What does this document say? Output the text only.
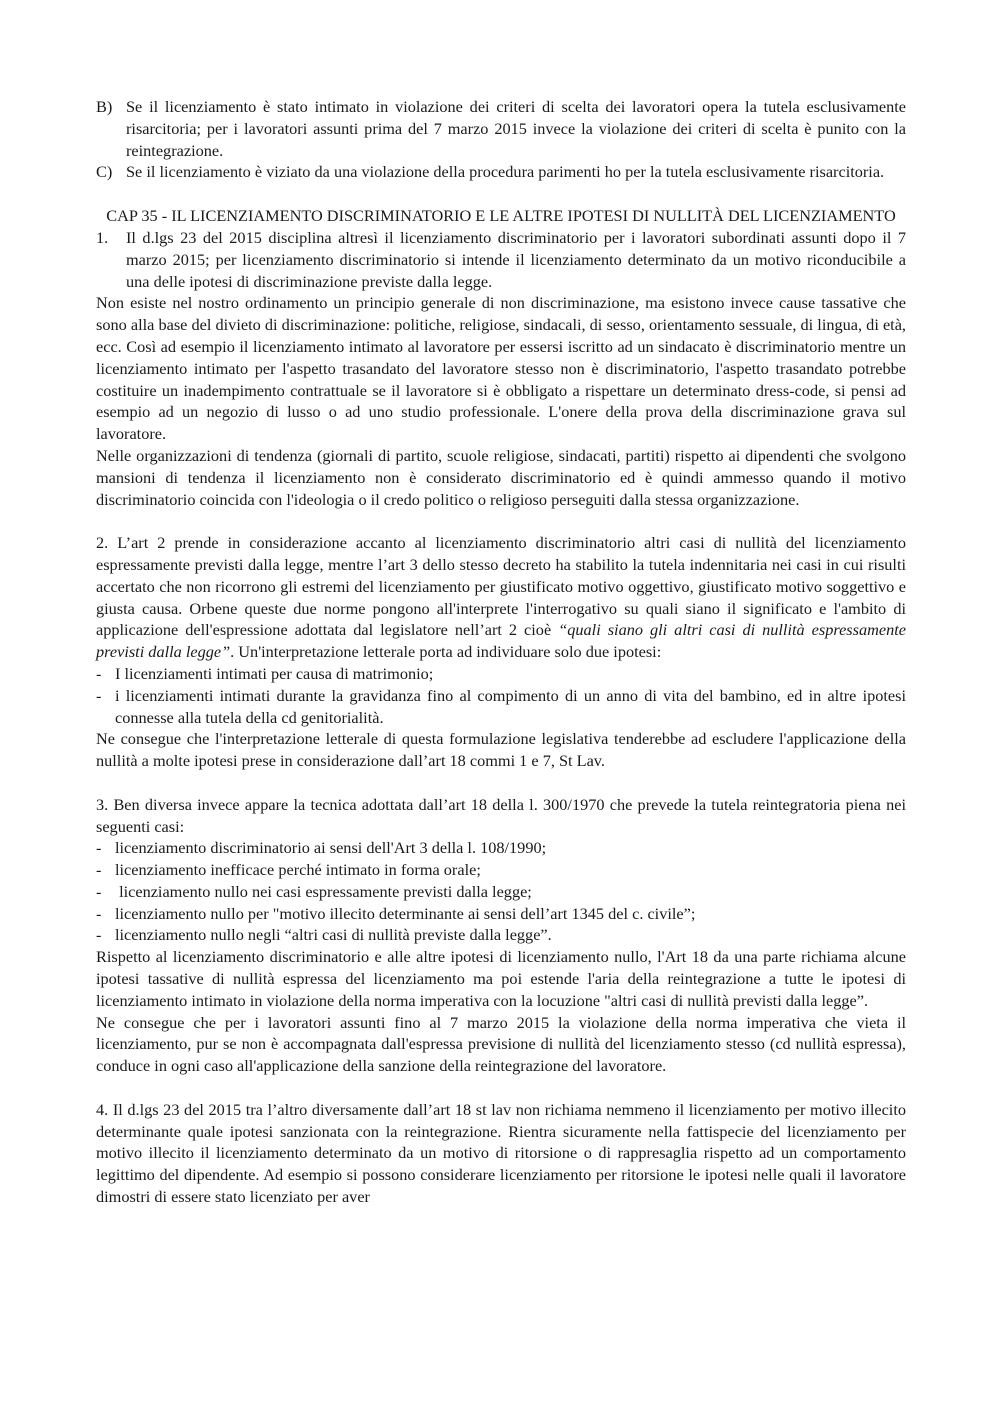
B) Se il licenziamento è stato intimato in violazione dei criteri di scelta dei lavoratori opera la tutela esclusivamente risarcitoria; per i lavoratori assunti prima del 7 marzo 2015 invece la violazione dei criteri di scelta è punito con la reintegrazione.
C) Se il licenziamento è viziato da una violazione della procedura parimenti ho per la tutela esclusivamente risarcitoria.

CAP 35 - IL LICENZIAMENTO DISCRIMINATORIO E LE ALTRE IPOTESI DI NULLITÀ DEL LICENZIAMENTO

1.	Il d.lgs 23 del 2015 disciplina altresì il licenziamento discriminatorio per i lavoratori subordinati assunti dopo il 7 marzo 2015; per licenziamento discriminatorio si intende il licenziamento determinato da un motivo riconducibile a una delle ipotesi di discriminazione previste dalla legge.

Non esiste nel nostro ordinamento un principio generale di non discriminazione, ma esistono invece cause tassative che sono alla base del divieto di discriminazione: politiche, religiose, sindacali, di sesso, orientamento sessuale, di lingua, di età, ecc. Così ad esempio il licenziamento intimato al lavoratore per essersi iscritto ad un sindacato è discriminatorio mentre un licenziamento intimato per l'aspetto trasandato del lavoratore stesso non è discriminatorio, l'aspetto trasandato potrebbe costituire un inadempimento contrattuale se il lavoratore si è obbligato a rispettare un determinato dress-code, si pensi ad esempio ad un negozio di lusso o ad uno studio professionale. L'onere della prova della discriminazione grava sul lavoratore.

Nelle organizzazioni di tendenza (giornali di partito, scuole religiose, sindacati, partiti) rispetto ai dipendenti che svolgono mansioni di tendenza il licenziamento non è considerato discriminatorio ed è quindi ammesso quando il motivo discriminatorio coincida con l'ideologia o il credo politico o religioso perseguiti dalla stessa organizzazione.

2. L’art 2 prende in considerazione accanto al licenziamento discriminatorio altri casi di nullità del licenziamento espressamente previsti dalla legge, mentre l’art 3 dello stesso decreto ha stabilito la tutela indennitaria nei casi in cui risulti accertato che non ricorrono gli estremi del licenziamento per giustificato motivo oggettivo, giustificato motivo soggettivo e giusta causa. Orbene queste due norme pongono all'interprete l'interrogativo su quali siano il significato e l'ambito di applicazione dell'espressione adottata dal legislatore nell’art 2 cioè “quali siano gli altri casi di nullità espressamente previsti dalla legge”. Un'interpretazione letterale porta ad individuare solo due ipotesi:

- I licenziamenti intimati per causa di matrimonio;
- i licenziamenti intimati durante la gravidanza fino al compimento di un anno di vita del bambino, ed in altre ipotesi connesse alla tutela della cd genitorialità.

Ne consegue che l'interpretazione letterale di questa formulazione legislativa tenderebbe ad escludere l'applicazione della nullità a molte ipotesi prese in considerazione dall’art 18 commi 1 e 7, St Lav.

3. Ben diversa invece appare la tecnica adottata dall’art 18 della l. 300/1970 che prevede la tutela reintegratoria piena nei seguenti casi:

- licenziamento discriminatorio ai sensi dell'Art 3 della l. 108/1990;
- licenziamento inefficace perché intimato in forma orale;
- licenziamento nullo nei casi espressamente previsti dalla legge;
- licenziamento nullo per "motivo illecito determinante ai sensi dell’art 1345 del c. civile”;
- licenziamento nullo negli “altri casi di nullità previste dalla legge”.

Rispetto al licenziamento discriminatorio e alle altre ipotesi di licenziamento nullo, l'Art 18 da una parte richiama alcune ipotesi tassative di nullità espressa del licenziamento ma poi estende l'aria della reintegrazione a tutte le ipotesi di licenziamento intimato in violazione della norma imperativa con la locuzione "altri casi di nullità previsti dalla legge”.

Ne consegue che per i lavoratori assunti fino al 7 marzo 2015 la violazione della norma imperativa che vieta il licenziamento, pur se non è accompagnata dall'espressa previsione di nullità del licenziamento stesso (cd nullità espressa), conduce in ogni caso all'applicazione della sanzione della reintegrazione del lavoratore.

4. Il d.lgs 23 del 2015 tra l’altro diversamente dall’art 18 st lav non richiama nemmeno il licenziamento per motivo illecito determinante quale ipotesi sanzionata con la reintegrazione. Rientra sicuramente nella fattispecie del licenziamento per motivo illecito il licenziamento determinato da un motivo di ritorsione o di rappresaglia rispetto ad un comportamento legittimo del dipendente. Ad esempio si possono considerare licenziamento per ritorsione le ipotesi nelle quali il lavoratore dimostri di essere stato licenziato per aver
